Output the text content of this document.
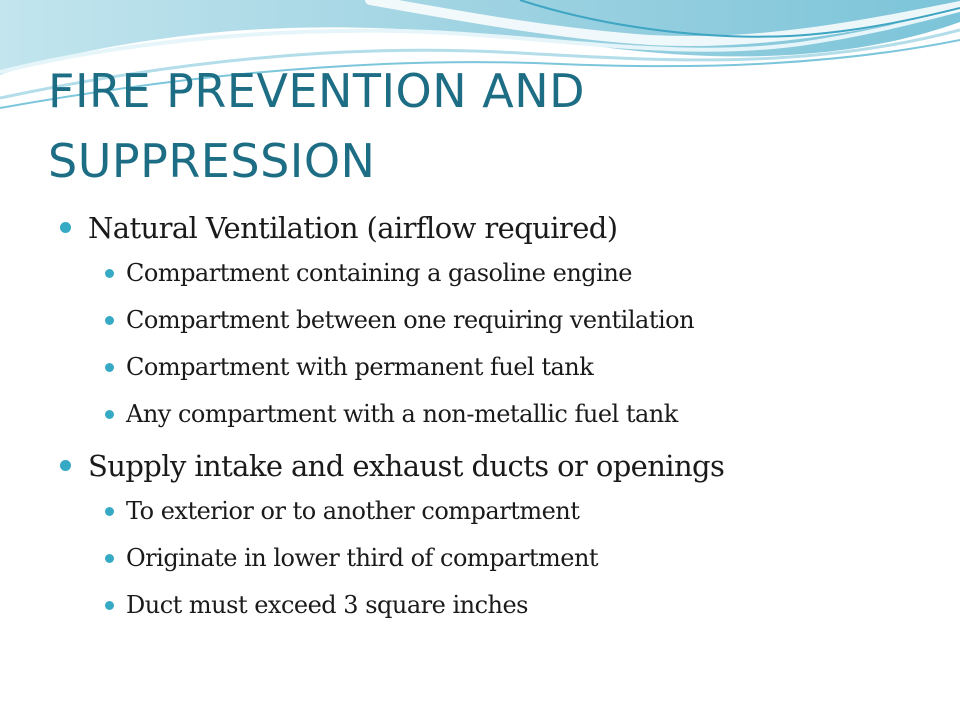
FIRE PREVENTION AND
SUPPRESSION
Natural Ventilation (airflow required)
Compartment containing a gasoline engine
Compartment between one requiring ventilation
Compartment with permanent fuel tank
Any compartment with a non-metallic fuel tank
Supply intake and exhaust ducts or openings
To exterior or to another compartment
Originate in lower third of compartment
Duct must exceed 3 square inches
